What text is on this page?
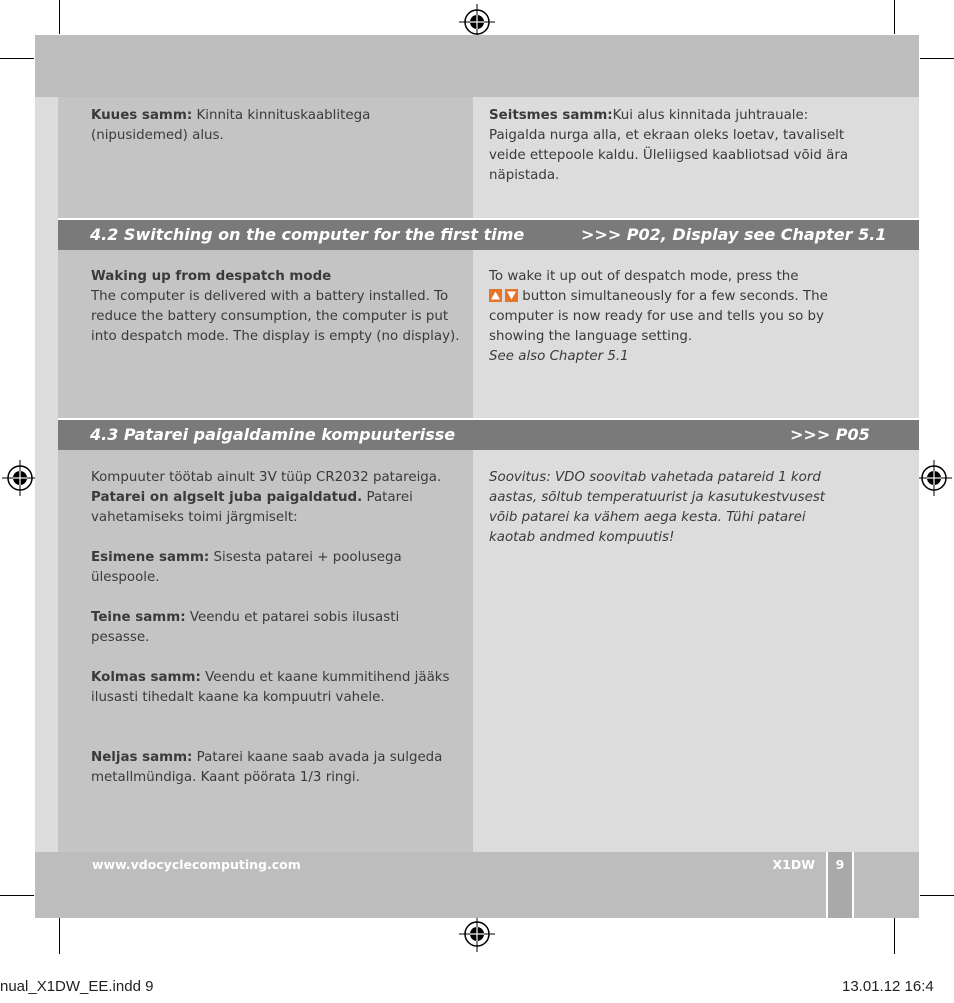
4.2 Switching on the computer for the first time	>>> P02, Display see Chapter 5.1
4.3 Patarei paigaldamine kompuuterisse	>>> P05
Kuues samm: Kinnita kinnituskaablitega (nipusidemed) alus.
Seitsmes samm:Kui alus kinnitada juhtrauale: Paigalda nurga alla, et ekraan oleks loetav, tavaliselt veide ettepoole kaldu. Üleliigsed kaabliotsad võid ära näpistada.
Waking up from despatch mode
The computer is delivered with a battery installed. To reduce the battery consumption, the computer is put into despatch mode. The display is empty (no display).
To wake it up out of despatch mode, press the

button simultaneously for a few seconds. The computer is now ready for use and tells you so by showing the language setting.
See also Chapter 5.1
Kompuuter töötab ainult 3V tüüp CR2032 patareiga. Patarei on algselt juba paigaldatud. Patarei vahetamiseks toimi järgmiselt:
Esimene samm: Sisesta patarei + poolusega ülespoole.
Teine samm: Veendu et patarei sobis ilusasti pesasse.
Kolmas samm: Veendu et kaane kummitihend jääks ilusasti tihedalt kaane ka kompuutri vahele.
Neljas samm: Patarei kaane saab avada ja sulgeda metallmündiga. Kaant pöörata 1/3 ringi.
Soovitus: VDO soovitab vahetada patareid 1 kord aastas, sõltub temperatuurist ja kasutukestvusest võib patarei ka vähem aega kesta. Tühi patarei kaotab andmed kompuutis!
www.vdocyclecomputing.com	X1DW	9
nual_X1DW_EE.indd 9	13.01.12 16:4
